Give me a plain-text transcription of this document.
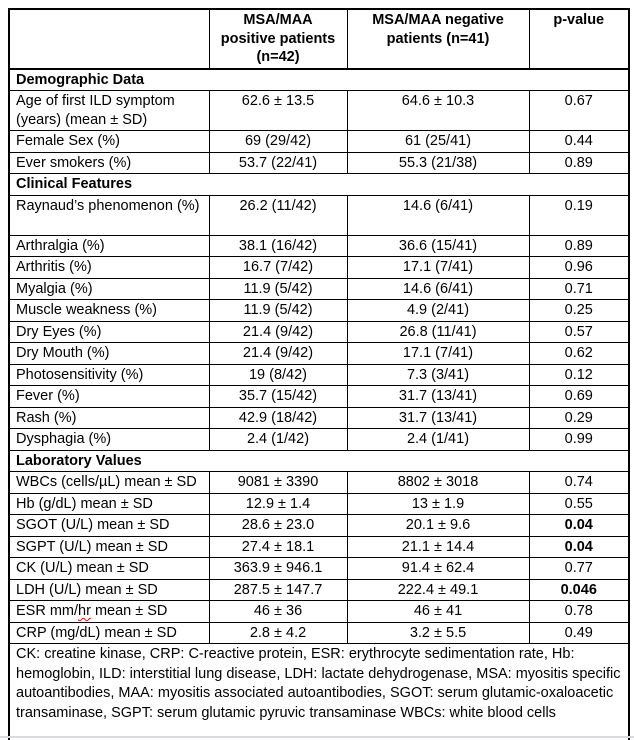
	MSA/MAA positive patients (n=42)	MSA/MAA negative patients (n=41)	p-value
Demographic Data			
Age of first ILD symptom (years) (mean ± SD)	62.6 ± 13.5	64.6 ± 10.3	0.67
Female Sex (%)	69 (29/42)	61 (25/41)	0.44
Ever smokers (%)	53.7 (22/41)	55.3 (21/38)	0.89
Clinical Features			
Raynaud’s phenomenon (%)	26.2 (11/42)	14.6 (6/41)	0.19
Arthralgia (%)	38.1 (16/42)	36.6 (15/41)	0.89
Arthritis (%)	16.7 (7/42)	17.1 (7/41)	0.96
Myalgia (%)	11.9 (5/42)	14.6 (6/41)	0.71
Muscle weakness (%)	11.9 (5/42)	4.9 (2/41)	0.25
Dry Eyes (%)	21.4 (9/42)	26.8 (11/41)	0.57
Dry Mouth (%)	21.4 (9/42)	17.1 (7/41)	0.62
Photosensitivity (%)	19 (8/42)	7.3 (3/41)	0.12
Fever (%)	35.7 (15/42)	31.7 (13/41)	0.69
Rash (%)	42.9 (18/42)	31.7 (13/41)	0.29
Dysphagia (%)	2.4 (1/42)	2.4 (1/41)	0.99
Laboratory Values			
WBCs (cells/µL) mean ± SD	9081 ± 3390	8802 ± 3018	0.74
Hb (g/dL) mean ± SD	12.9 ± 1.4	13 ± 1.9	0.55
SGOT (U/L) mean ± SD	28.6 ± 23.0	20.1 ± 9.6	0.04
SGPT (U/L) mean ± SD	27.4 ± 18.1	21.1 ± 14.4	0.04
CK (U/L) mean ± SD	363.9 ± 946.1	91.4 ± 62.4	0.77
LDH (U/L) mean ± SD	287.5 ± 147.7	222.4 ± 49.1	0.046
ESR mm/hr mean ± SD	46 ± 36	46 ± 41	0.78
CRP (mg/dL) mean ± SD	2.8 ± 4.2	3.2 ± 5.5	0.49
CK: creatine kinase, CRP: C-reactive protein, ESR: erythrocyte sedimentation rate, Hb: hemoglobin, ILD: interstitial lung disease, LDH: lactate dehydrogenase, MSA: myositis specific autoantibodies, MAA: myositis associated autoantibodies, SGOT: serum glutamic-oxaloacetic transaminase, SGPT: serum glutamic pyruvic transaminase WBCs: white blood cells			
